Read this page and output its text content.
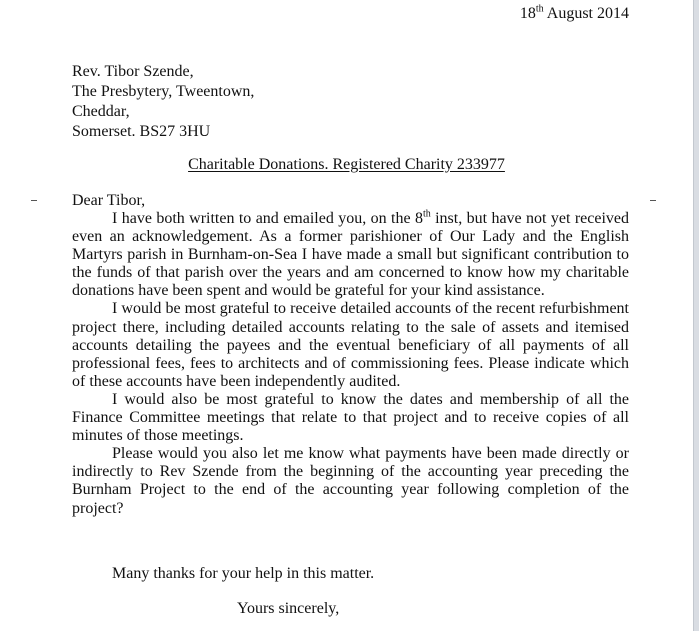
18th August 2014
Rev. Tibor Szende,
The Presbytery, Tweentown,
Cheddar,
Somerset. BS27 3HU
Charitable Donations. Registered Charity 233977
Dear Tibor,

I have both written to and emailed you, on the 8th inst, but have not yet received even an acknowledgement. As a former parishioner of Our Lady and the English Martyrs parish in Burnham-on-Sea I have made a small but significant contribution to the funds of that parish over the years and am concerned to know how my charitable donations have been spent and would be grateful for your kind assistance.

I would be most grateful to receive detailed accounts of the recent refurbishment project there, including detailed accounts relating to the sale of assets and itemised accounts detailing the payees and the eventual beneficiary of all payments of all professional fees, fees to architects and of commissioning fees. Please indicate which of these accounts have been independently audited.

I would also be most grateful to know the dates and membership of all the Finance Committee meetings that relate to that project and to receive copies of all minutes of those meetings.

Please would you also let me know what payments have been made directly or indirectly to Rev Szende from the beginning of the accounting year preceding the Burnham Project to the end of the accounting year following completion of the project?

Many thanks for your help in this matter.
Yours sincerely,
